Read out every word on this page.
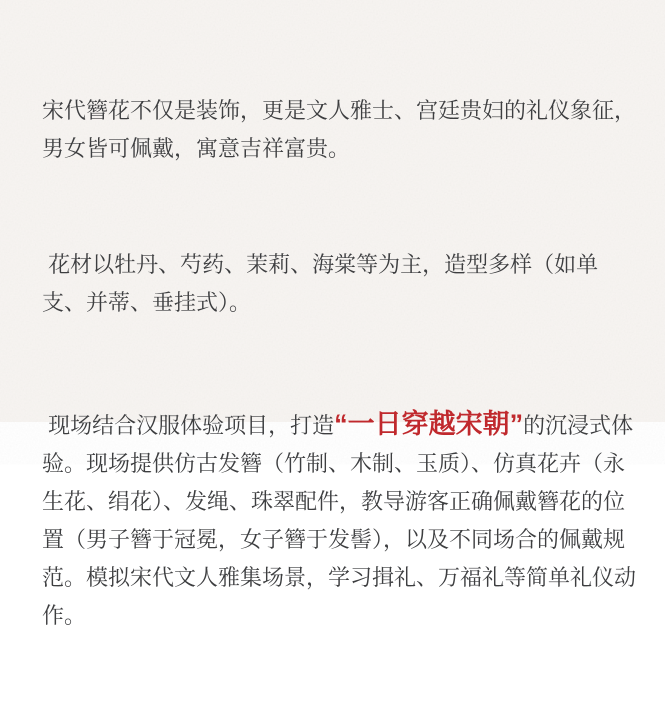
宋代簪花不仅是装饰，更是文人雅士、宫廷贵妇的礼仪象征，男女皆可佩戴，寓意吉祥富贵。

花材以牡丹、芍药、茉莉、海棠等为主，造型多样（如单支、并蒂、垂挂式）。

现场结合汉服体验项目，打造“一日穿越宋朝”的沉浸式体验。现场提供仿古发簪（竹制、木制、玉质）、仿真花卉（永生花、绢花）、发绳、珠翠配件，教导游客正确佩戴簪花的位置（男子簪于冠冕，女子簪于发髻），以及不同场合的佩戴规范。模拟宋代文人雅集场景，学习揖礼、万福礼等简单礼仪动作。
